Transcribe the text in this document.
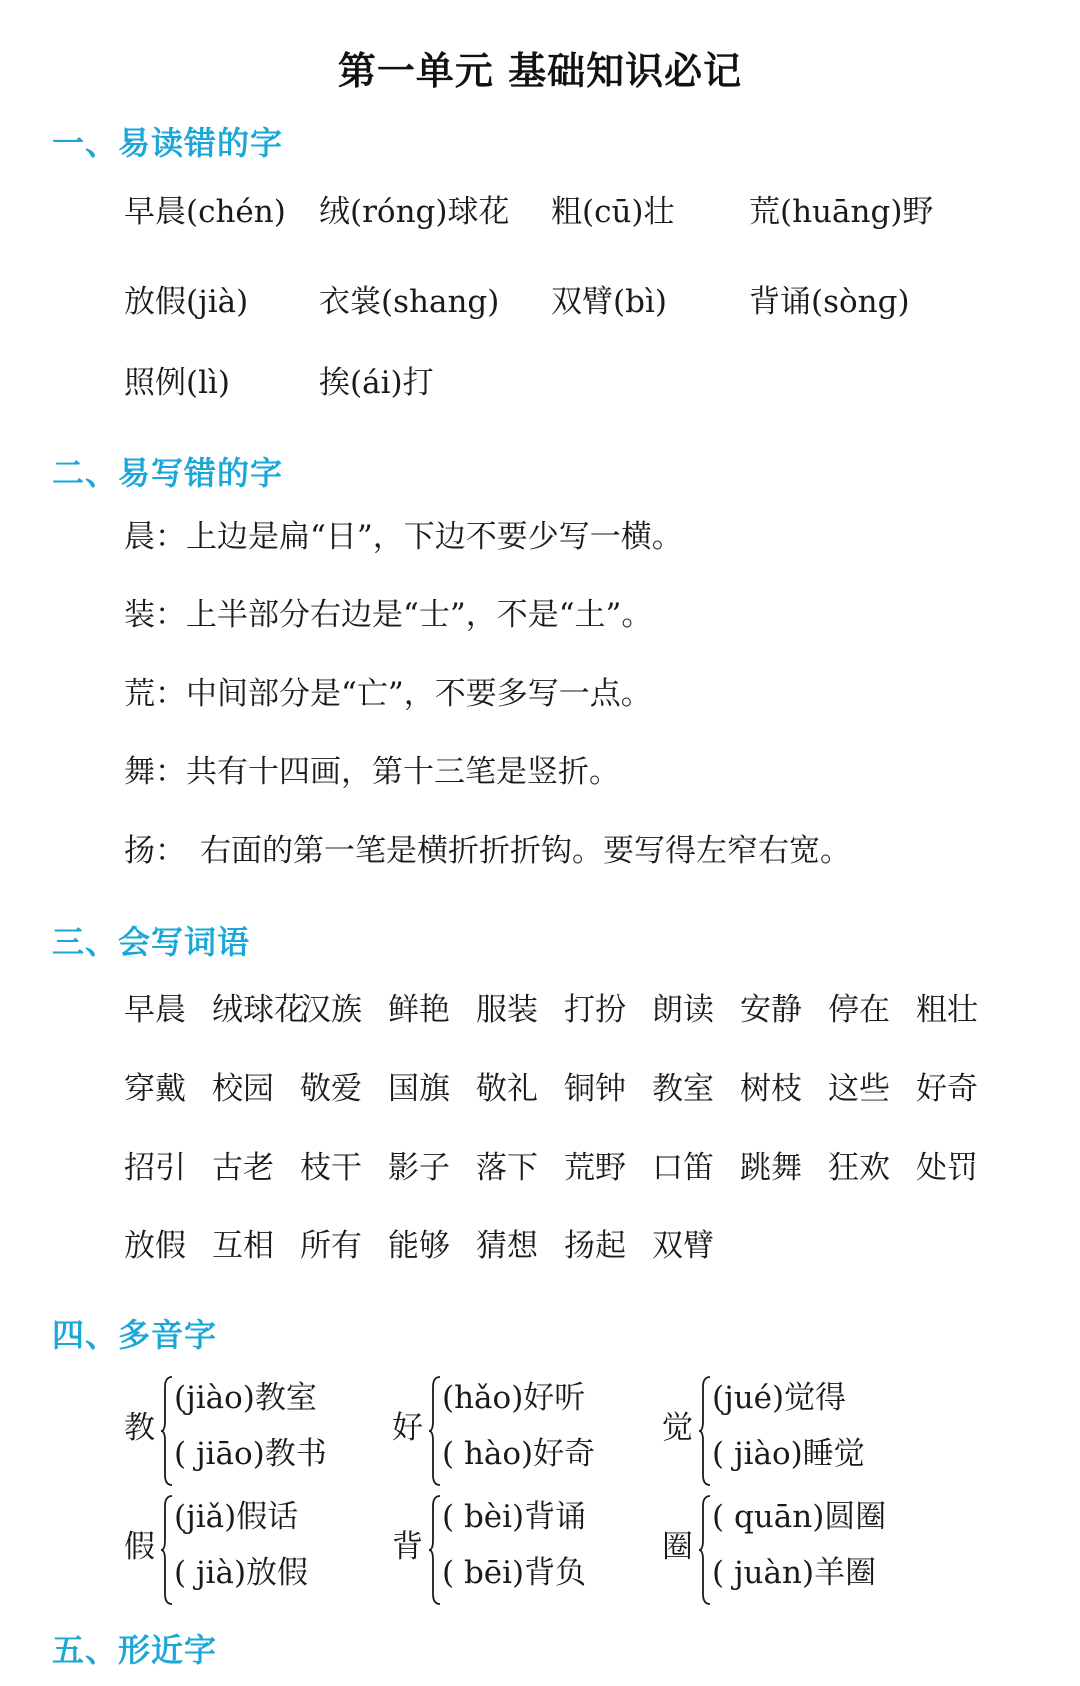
第一单元 基础知识必记
一、易读错的字
早晨(chén) 绒(róng)球花 粗(cū)壮 荒(huāng)野
放假(jià) 衣裳(shang) 双臂(bì)	背诵(sònɡ)
照例(lì)	挨(ái)打
二、易写错的字
晨：上边是扁“日”，下边不要少写一横。
装：上半部分右边是“士”，不是“土”。
荒：中间部分是“亡”，不要多写一点。
舞：共有十四画，第十三笔是竖折。
扬： 右面的第一笔是横折折折钩。要写得左窄右宽。
三、会写词语
早晨 绒球花汉族 鲜艳 服装 打扮 朗读 安静 停在 粗壮
穿戴 校园 敬爱 国旗 敬礼 铜钟 教室 树枝 这些 好奇
招引 古老 枝干 影子 落下 荒野 口笛 跳舞 狂欢 处罚
放假 互相 所有 能够 猜想 扬起 双臂
四、多音字
教
(jiào)教室
( jiāo)教书
好
(hǎo)好听
( hào)好奇
觉
(jué)觉得
( jiào)睡觉
假
(jiǎ)假话
( jià)放假
背
( bèi)背诵
( bēi)背负
圈
( quān)圆圈
( juàn)羊圈
五、形近字
